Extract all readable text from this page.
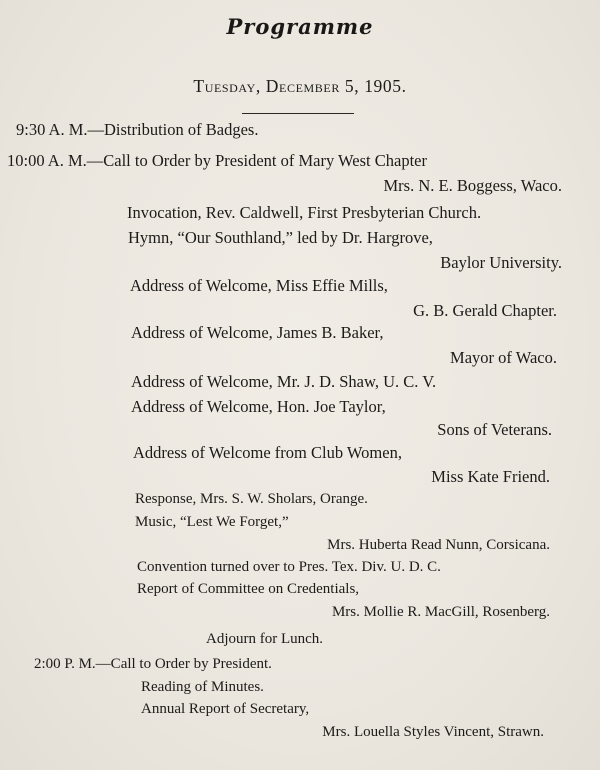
Programme
Tuesday, December 5, 1905.
9:30 A. M.—Distribution of Badges.
10:00 A. M.—Call to Order by President of Mary West Chapter
Mrs. N. E. Boggess, Waco.
Invocation, Rev. Caldwell, First Presbyterian Church.
Hymn, “Our Southland,” led by Dr. Hargrove,
Baylor University.
Address of Welcome, Miss Effie Mills,
G. B. Gerald Chapter.
Address of Welcome, James B. Baker,
Mayor of Waco.
Address of Welcome, Mr. J. D. Shaw, U. C. V.
Address of Welcome, Hon. Joe Taylor,
Sons of Veterans.
Address of Welcome from Club Women,
Miss Kate Friend.
Response, Mrs. S. W. Sholars, Orange.
Music, “Lest We Forget,”
Mrs. Huberta Read Nunn, Corsicana.
Convention turned over to Pres. Tex. Div. U. D. C.
Report of Committee on Credentials,
Mrs. Mollie R. MacGill, Rosenberg.
Adjourn for Lunch.
2:00 P. M.—Call to Order by President.
Reading of Minutes.
Annual Report of Secretary,
Mrs. Louella Styles Vincent, Strawn.
